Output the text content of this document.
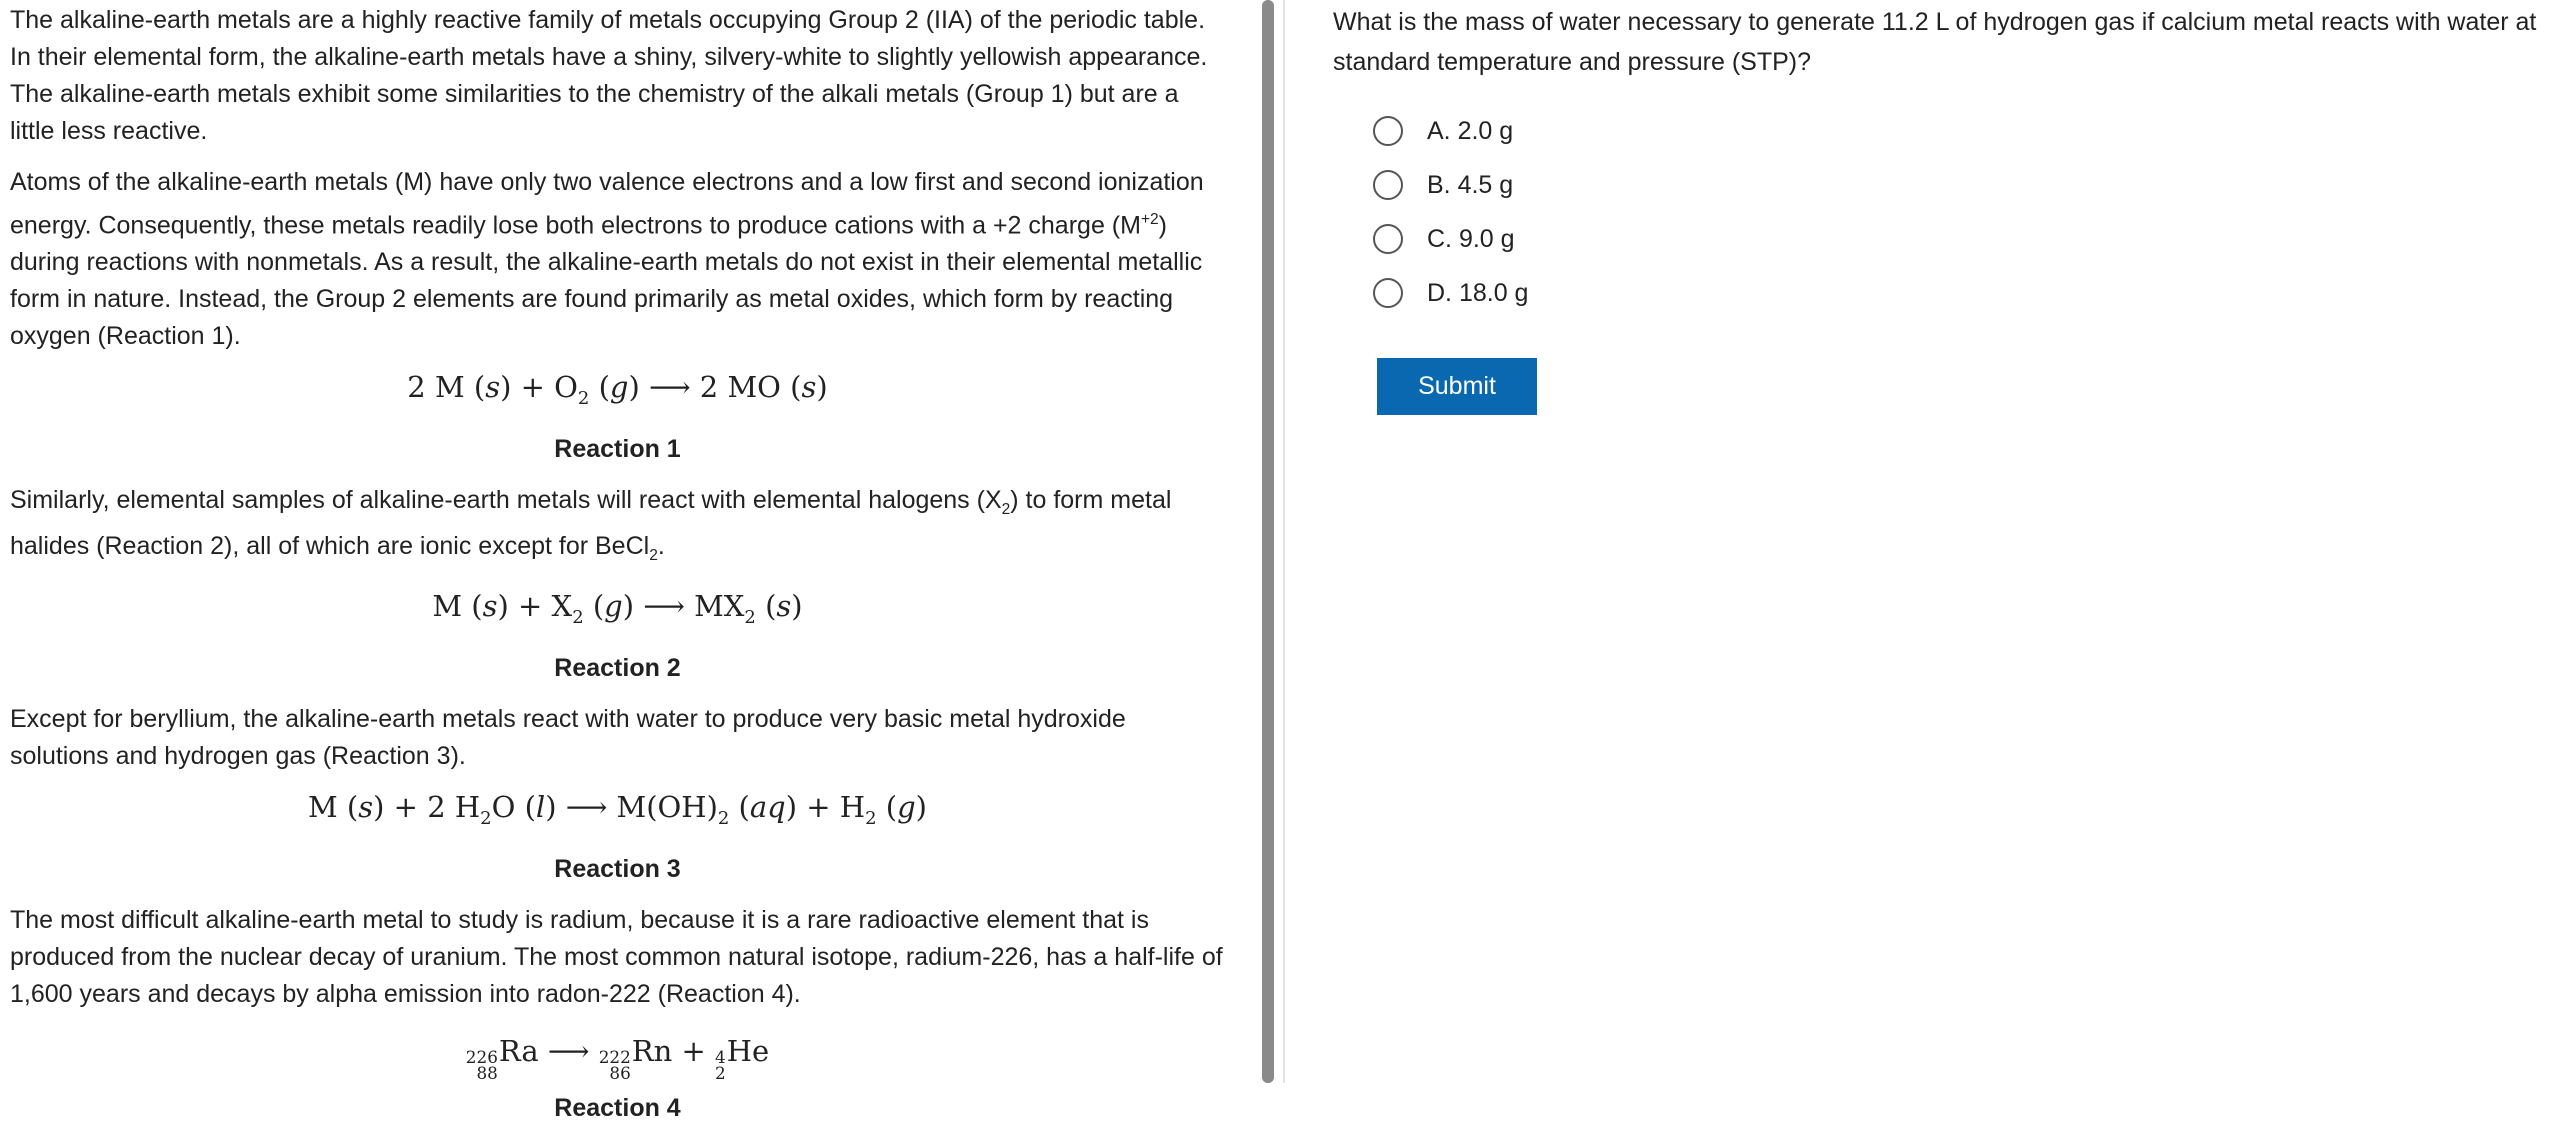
The alkaline-earth metals are a highly reactive family of metals occupying Group 2 (IIA) of the periodic table. In their elemental form, the alkaline-earth metals have a shiny, silvery-white to slightly yellowish appearance. The alkaline-earth metals exhibit some similarities to the chemistry of the alkali metals (Group 1) but are a little less reactive.

Atoms of the alkaline-earth metals (M) have only two valence electrons and a low first and second ionization energy. Consequently, these metals readily lose both electrons to produce cations with a +2 charge $(M^{+2})$ during reactions with nonmetals. As a result, the alkaline-earth metals do not exist in their elemental metallic form in nature. Instead, the Group 2 elements are found primarily as metal oxides, which form by reacting oxygen (Reaction 1).

2 M $(s) + O_2$ (g) ⟶ 2 MO (s)
Reaction 1

Similarly, elemental samples of alkaline-earth metals will react with elemental halogens $(X_2)$ to form metal halides (Reaction 2), all of which are ionic except for BeCl$_2$.

M $(s) + X_2$ (g) ⟶ $MX_2$ (s)
Reaction 2

Except for beryllium, the alkaline-earth metals react with water to produce very basic metal hydroxide solutions and hydrogen gas (Reaction 3).

M (s) + 2 $H_2O$ (l) ⟶ $M(OH)_2$ $(aq) + H_2$ (g)
Reaction 3

The most difficult alkaline-earth metal to study is radium, because it is a rare radioactive element that is produced from the nuclear decay of uranium. The most common natural isotope, radium-226, has a half-life of 1,600 years and decays by alpha emission into radon-222 (Reaction 4).

226
88
Ra ⟶ 222
86
Rn + 4
2
He
Reaction 4

What is the mass of water necessary to generate 11.2 L of hydrogen gas if calcium metal reacts with water at standard temperature and pressure (STP)?

A. 2.0 g
B. 4.5 g
C. 9.0 g
D. 18.0 g
Submit
